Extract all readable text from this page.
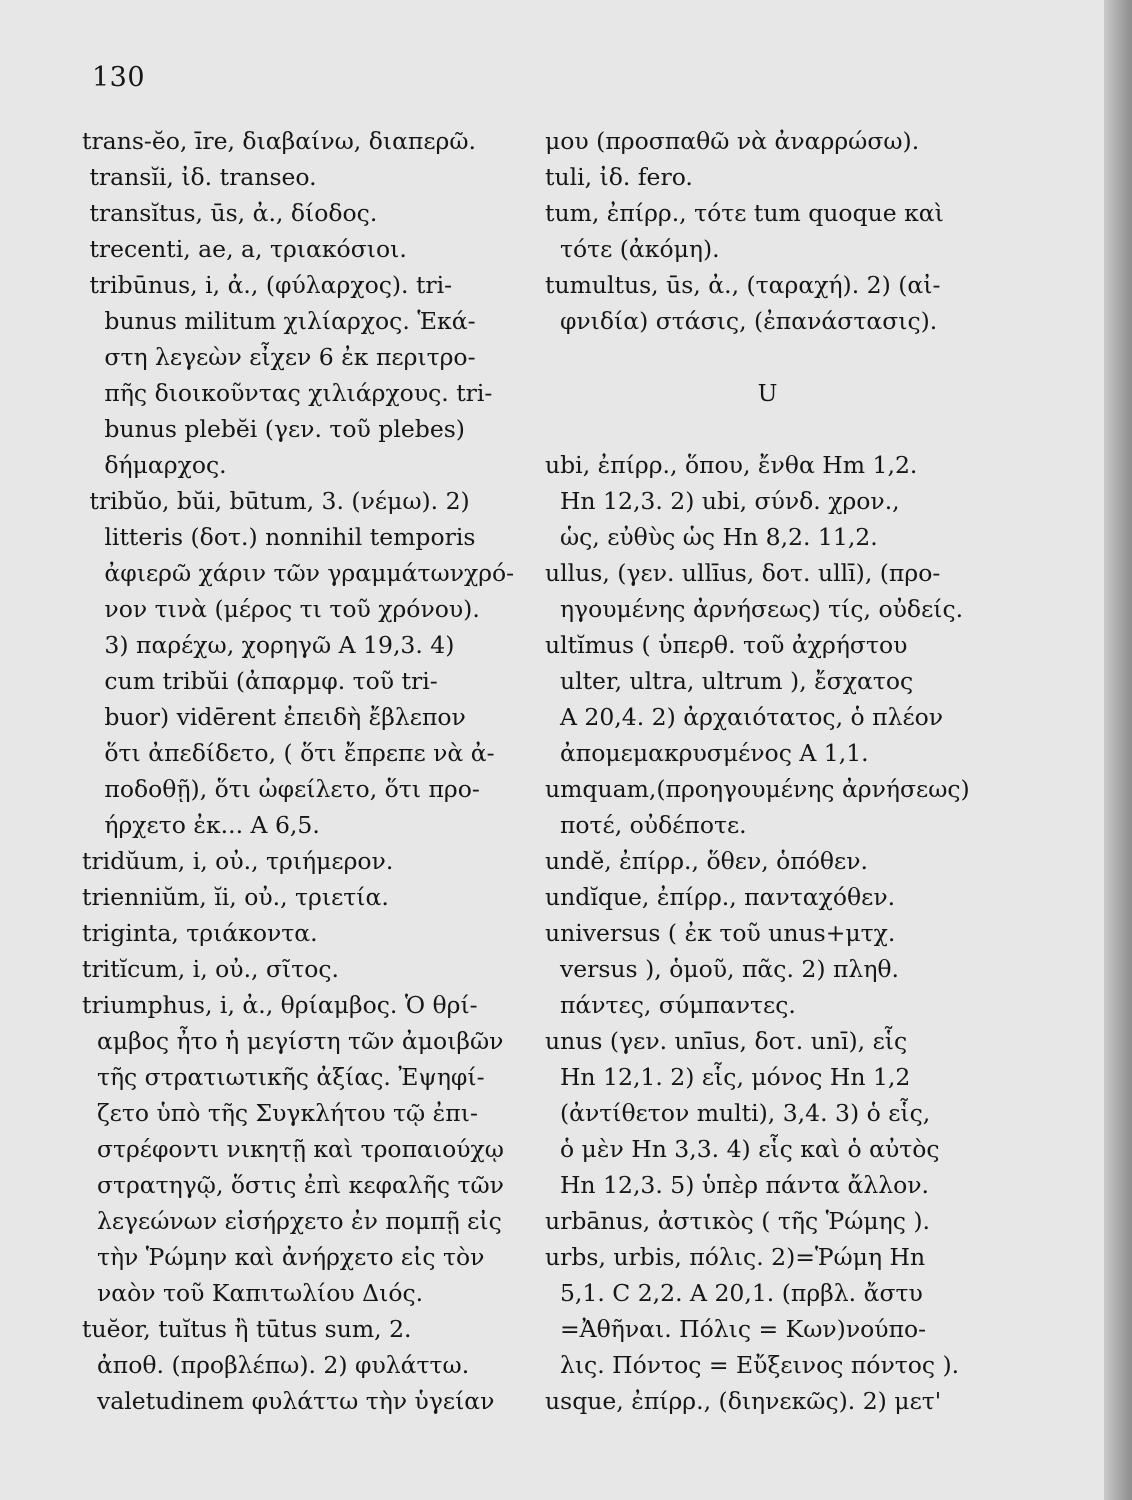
130
trans-ĕo, īre, διαβαίνω, διαπερῶ.
transĭi, ἰδ. transeo.
transĭtus, ūs, ἀ., δίοδος.
trecenti, ae, a, τριακόσιοι.
tribūnus, i, ἀ., (φύλαρχος). tri-
bunus militum χιλίαρχος. Ἑκά-
στη λεγεὼν εἶχεν 6 ἐκ περιτρο-
πῆς διοικοῦντας χιλιάρχους. tri-
bunus plebĕi (γεν. τοῦ plebes)
δήμαρχος.
tribŭo, bŭi, būtum, 3. (νέμω). 2)
litteris (δοτ.) nonnihil temporis
ἀφιερῶ χάριν τῶν γραμμάτωνχρό-
νον τινὰ (μέρος τι τοῦ χρόνου).
3) παρέχω, χορηγῶ A 19,3. 4)
cum tribŭi (ἀπαρμφ. τοῦ tri-
buor) vidērent ἐπειδὴ ἔβλεπον
ὅτι ἀπεδίδετο, ( ὅτι ἔπρεπε νὰ ἀ-
ποδοθῇ), ὅτι ὠφείλετο, ὅτι προ-
ήρχετο ἐκ... A 6,5.
tridŭum, i, οὐ., τριήμερον.
trienniŭm, ĭi, οὐ., τριετία.
triginta, τριάκοντα.
tritĭcum, i, οὐ., σῖτος.
triumphus, i, ἀ., θρίαμβος. Ὁ θρί-
αμβος ἦτο ἡ μεγίστη τῶν ἀμοιβῶν
τῆς στρατιωτικῆς ἀξίας. Ἐψηφί-
ζετο ὑπὸ τῆς Συγκλήτου τῷ ἐπι-
στρέφοντι νικητῇ καὶ τροπαιούχῳ
στρατηγῷ, ὅστις ἐπὶ κεφαλῆς τῶν
λεγεώνων εἰσήρχετο ἐν πομπῇ εἰς
τὴν Ῥώμην καὶ ἀνήρχετο εἰς τὸν
ναὸν τοῦ Καπιτωλίου Διός.
tuĕor, tuĭtus ἢ tūtus sum, 2.
ἀποθ. (προβλέπω). 2) φυλάττω.
valetudinem φυλάττω τὴν ὑγείαν
μου (προσπαθῶ νὰ ἀναρρώσω).
tuli, ἰδ. fero.
tum, ἐπίρρ., τότε tum quoque καὶ
τότε (ἀκόμη).
tumultus, ūs, ἀ., (ταραχή). 2) (αἰ-
φνιδία) στάσις, (ἐπανάστασις).
U
ubi, ἐπίρρ., ὅπου, ἔνθα Hm 1,2.
Hn 12,3. 2) ubi, σύνδ. χρον.,
ὡς, εὐθὺς ὡς Hn 8,2. 11,2.
ullus, (γεν. ullīus, δοτ. ullī), (προ-
ηγουμένης ἀρνήσεως) τίς, οὐδείς.
ultĭmus ( ὑπερθ. τοῦ ἀχρήστου
ulter, ultra, ultrum ), ἔσχατος
A 20,4. 2) ἀρχαιότατος, ὁ πλέον
ἀπομεμακρυσμένος A 1,1.
umquam,(προηγουμένης ἀρνήσεως)
ποτέ, οὐδέποτε.
undĕ, ἐπίρρ., ὅθεν, ὁπόθεν.
undĭque, ἐπίρρ., πανταχόθεν.
universus ( ἐκ τοῦ unus+μτχ.
versus ), ὁμοῦ, πᾶς. 2) πληθ.
πάντες, σύμπαντες.
unus (γεν. unīus, δοτ. unī), εἷς
Hn 12,1. 2) εἷς, μόνος Hn 1,2
(ἀντίθετον multi), 3,4. 3) ὁ εἷς,
ὁ μὲν Hn 3,3. 4) εἷς καὶ ὁ αὐτὸς
Hn 12,3. 5) ὑπὲρ πάντα ἄλλον.
urbānus, ἀστικὸς ( τῆς Ῥώμης ).
urbs, urbis, πόλις. 2)=Ῥώμη Hn
5,1. C 2,2. A 20,1. (πρβλ. ἄστυ
=Ἀθῆναι. Πόλις = Κων)νούπο-
λις. Πόντος = Εὔξεινος πόντος ).
usque, ἐπίρρ., (διηνεκῶς). 2) μετ'
